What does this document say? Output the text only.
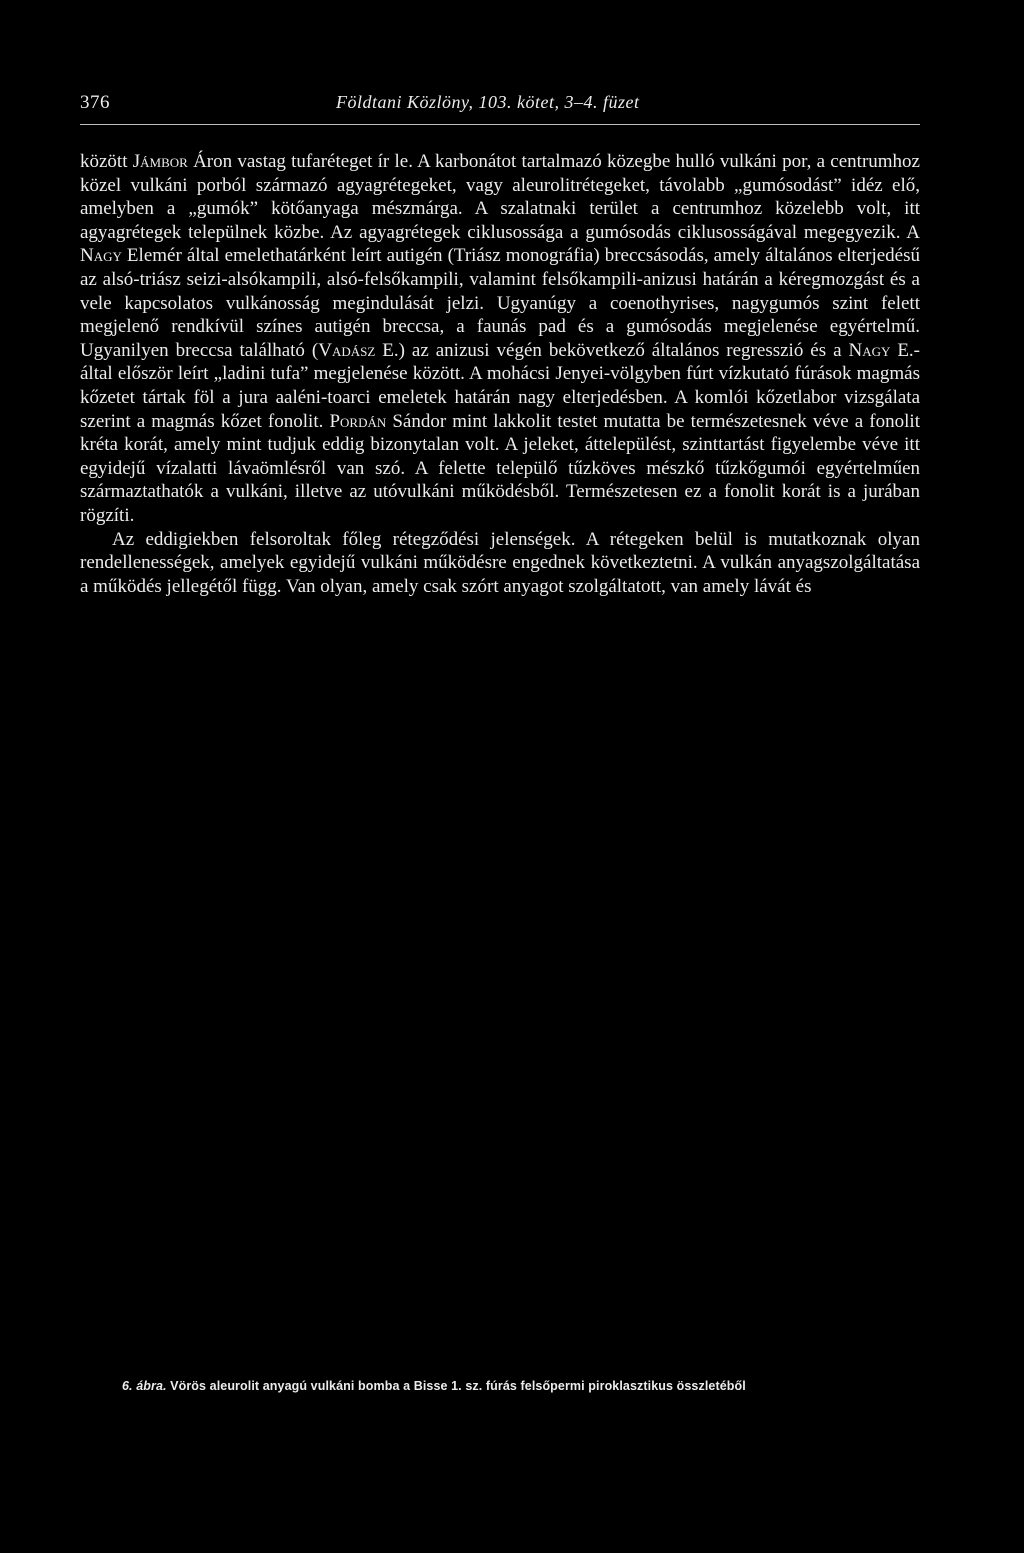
376	Földtani Közlöny, 103. kötet, 3–4. füzet

között Jámbor Áron vastag tufaréteget ír le. A karbonátot tartalmazó közegbe hulló vulkáni por, a centrumhoz közel vulkáni porból származó agyagrétegeket, vagy aleurolitrétegeket, távolabb „gumósodást” idéz elő, amelyben a „gumók” kötőanyaga mészmárga. A szalatnaki terület a centrumhoz közelebb volt, itt agyagrétegek települnek közbe. Az agyagrétegek ciklusossága a gumósodás ciklusosságával megegyezik. A Nagy Elemér által emelethatárként leírt autigén (Triász monográfia) breccsásodás, amely általános elterjedésű az alsó-triász seizi-alsókampili, alsó-felsőkampili, valamint felsőkampili-anizusi határán a kéregmozgást és a vele kapcsolatos vulkánosság megindulását jelzi. Ugyanúgy a coenothyrises, nagygumós szint felett megjelenő rendkívül színes autigén breccsa, a faunás pad és a gumósodás megjelenése egyértelmű. Ugyanilyen breccsa található (Vadász E.) az anizusi végén bekövetkező általános regresszió és a Nagy E.-által először leírt „ladini tufa” megjelenése között. A mohácsi Jenyei-völgyben fúrt vízkutató fúrások magmás kőzetet tártak föl a jura aaléni-toarci emeletek határán nagy elterjedésben. A komlói kőzetlabor vizsgálata szerint a magmás kőzet fonolit. Pordán Sándor mint lakkolit testet mutatta be természetesnek véve a fonolit kréta korát, amely mint tudjuk eddig bizonytalan volt. A jeleket, áttelepülést, szinttartást figyelembe véve itt egyidejű vízalatti lávaömlésről van szó. A felette települő tűzköves mészkő tűzkőgumói egyértelműen származtathatók a vulkáni, illetve az utóvulkáni működésből. Természetesen ez a fonolit korát is a jurában rögzíti.

Az eddigiekben felsoroltak főleg rétegződési jelenségek. A rétegeken belül is mutatkoznak olyan rendellenességek, amelyek egyidejű vulkáni működésre engednek következtetni. A vulkán anyagszolgáltatása a működés jellegétől függ. Van olyan, amely csak szórt anyagot szolgáltatott, van amely lávát és

6. ábra. Vörös aleurolit anyagú vulkáni bomba a Bisse 1. sz. fúrás felsőpermi piroklasztikus összletéből
